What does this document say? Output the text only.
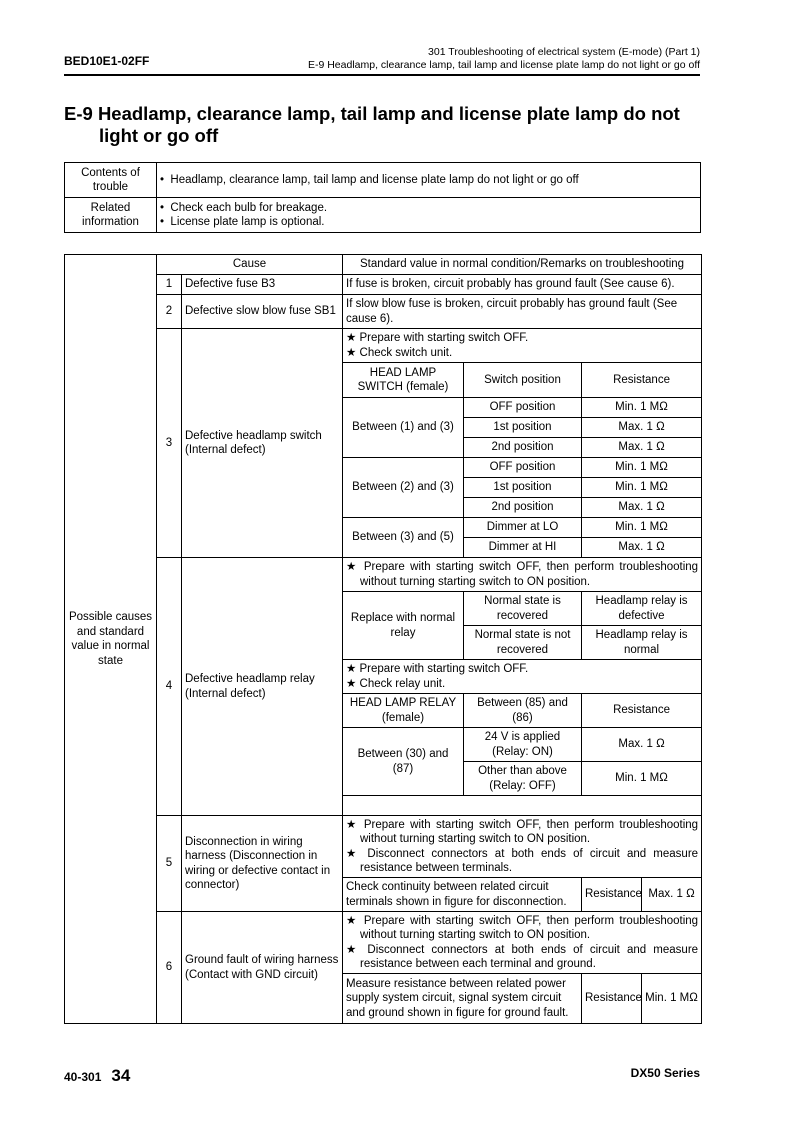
BED10E1-02FF
301 Troubleshooting of electrical system (E-mode) (Part 1)
E-9 Headlamp, clearance lamp, tail lamp and license plate lamp do not light or go off
E-9 Headlamp, clearance lamp, tail lamp and license plate lamp do not
light or go off
Contents of trouble	• Headlamp, clearance lamp, tail lamp and license plate lamp do not light or go off

Related information	• Check each bulb for breakage.
• License plate lamp is optional.
Possible causes and standard value in normal state	Cause		Standard value in normal condition/Remarks on troubleshooting			
	1	Defective fuse B3	If fuse is broken, circuit probably has ground fault (See cause 6).			
	2	Defective slow blow fuse SB1	If slow blow fuse is broken, circuit probably has ground fault (See cause 6).			
	3	Defective headlamp switch (Internal defect)	★ Prepare with starting switch OFF.
★ Check switch unit.			

			HEAD LAMP SWITCH (female)	Switch position	Resistance	
			Between (1) and (3)	OFF position	Min. 1 MΩ	
				1st position	Max. 1 Ω	
				2nd position	Max. 1 Ω	
			Between (2) and (3)	OFF position	Min. 1 MΩ	
				1st position	Min. 1 MΩ	
				2nd position	Max. 1 Ω	
			Between (3) and (5)	Dimmer at LO	Min. 1 MΩ	
				Dimmer at HI	Max. 1 Ω	
	4	Defective headlamp relay (Internal defect)	★ Prepare with starting switch OFF, then perform troubleshooting without turning starting switch to ON position.			

			Replace with normal relay	Normal state is recovered	Headlamp relay is defective	
				Normal state is not recovered	Headlamp relay is normal	

			★ Prepare with starting switch OFF.
★ Check relay unit.			

			HEAD LAMP RELAY (female)	Between (85) and (86)	Resistance	
			Between (30) and (87)	24 V is applied (Relay: ON)	Max. 1 Ω	
				Other than above (Relay: OFF)	Min. 1 MΩ	

	5	Disconnection in wiring harness (Disconnection in wiring or defective contact in connector)	★ Prepare with starting switch OFF, then perform troubleshooting without turning starting switch to ON position.
★ Disconnect connectors at both ends of circuit and measure resistance between terminals.			

			Check continuity between related circuit terminals shown in figure for disconnection.		Resistance	Max. 1 Ω
	6	Ground fault of wiring harness (Contact with GND circuit)	★ Prepare with starting switch OFF, then perform troubleshooting without turning starting switch to ON position.
★ Disconnect connectors at both ends of circuit and measure resistance between each terminal and ground.			

			Measure resistance between related power supply system circuit, signal system circuit and ground shown in figure for ground fault.		Resistance	Min. 1 MΩ
40-301 34	DX50 Series
